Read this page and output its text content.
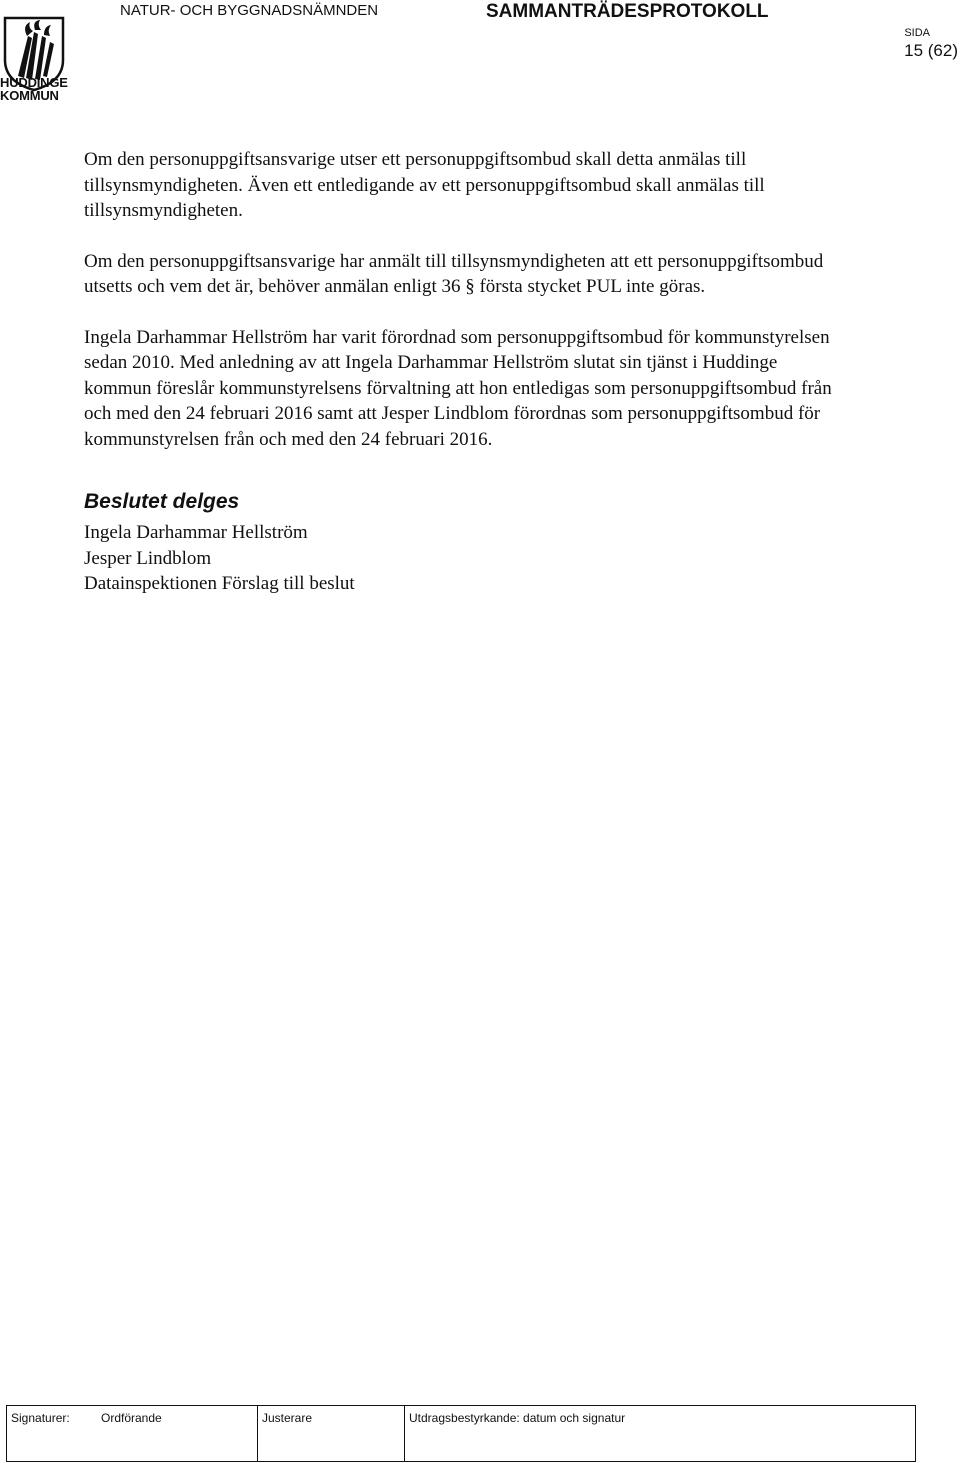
HUDDINGE
KOMMUN
NATUR- OCH BYGGNADSNÄMNDEN	SAMMANTRÄDESPROTOKOLL
SIDA
15 (62)

Om den personuppgiftsansvarige utser ett personuppgiftsombud skall detta anmälas till tillsynsmyndigheten. Även ett entledigande av ett personuppgiftsombud skall anmälas till tillsynsmyndigheten.

Om den personuppgiftsansvarige har anmält till tillsynsmyndigheten att ett personuppgiftsombud utsetts och vem det är, behöver anmälan enligt 36 § första stycket PUL inte göras.

Ingela Darhammar Hellström har varit förordnad som personuppgiftsombud för kommunstyrelsen sedan 2010. Med anledning av att Ingela Darhammar Hellström slutat sin tjänst i Huddinge kommun föreslår kommunstyrelsens förvaltning att hon entledigas som personuppgiftsombud från och med den 24 februari 2016 samt att Jesper Lindblom förordnas som personuppgiftsombud för kommunstyrelsen från och med den 24 februari 2016.

Beslutet delges
Ingela Darhammar Hellström
Jesper Lindblom
Datainspektionen Förslag till beslut
Signaturer:	Ordförande	Justerare	Utdragsbestyrkande: datum och signatur
